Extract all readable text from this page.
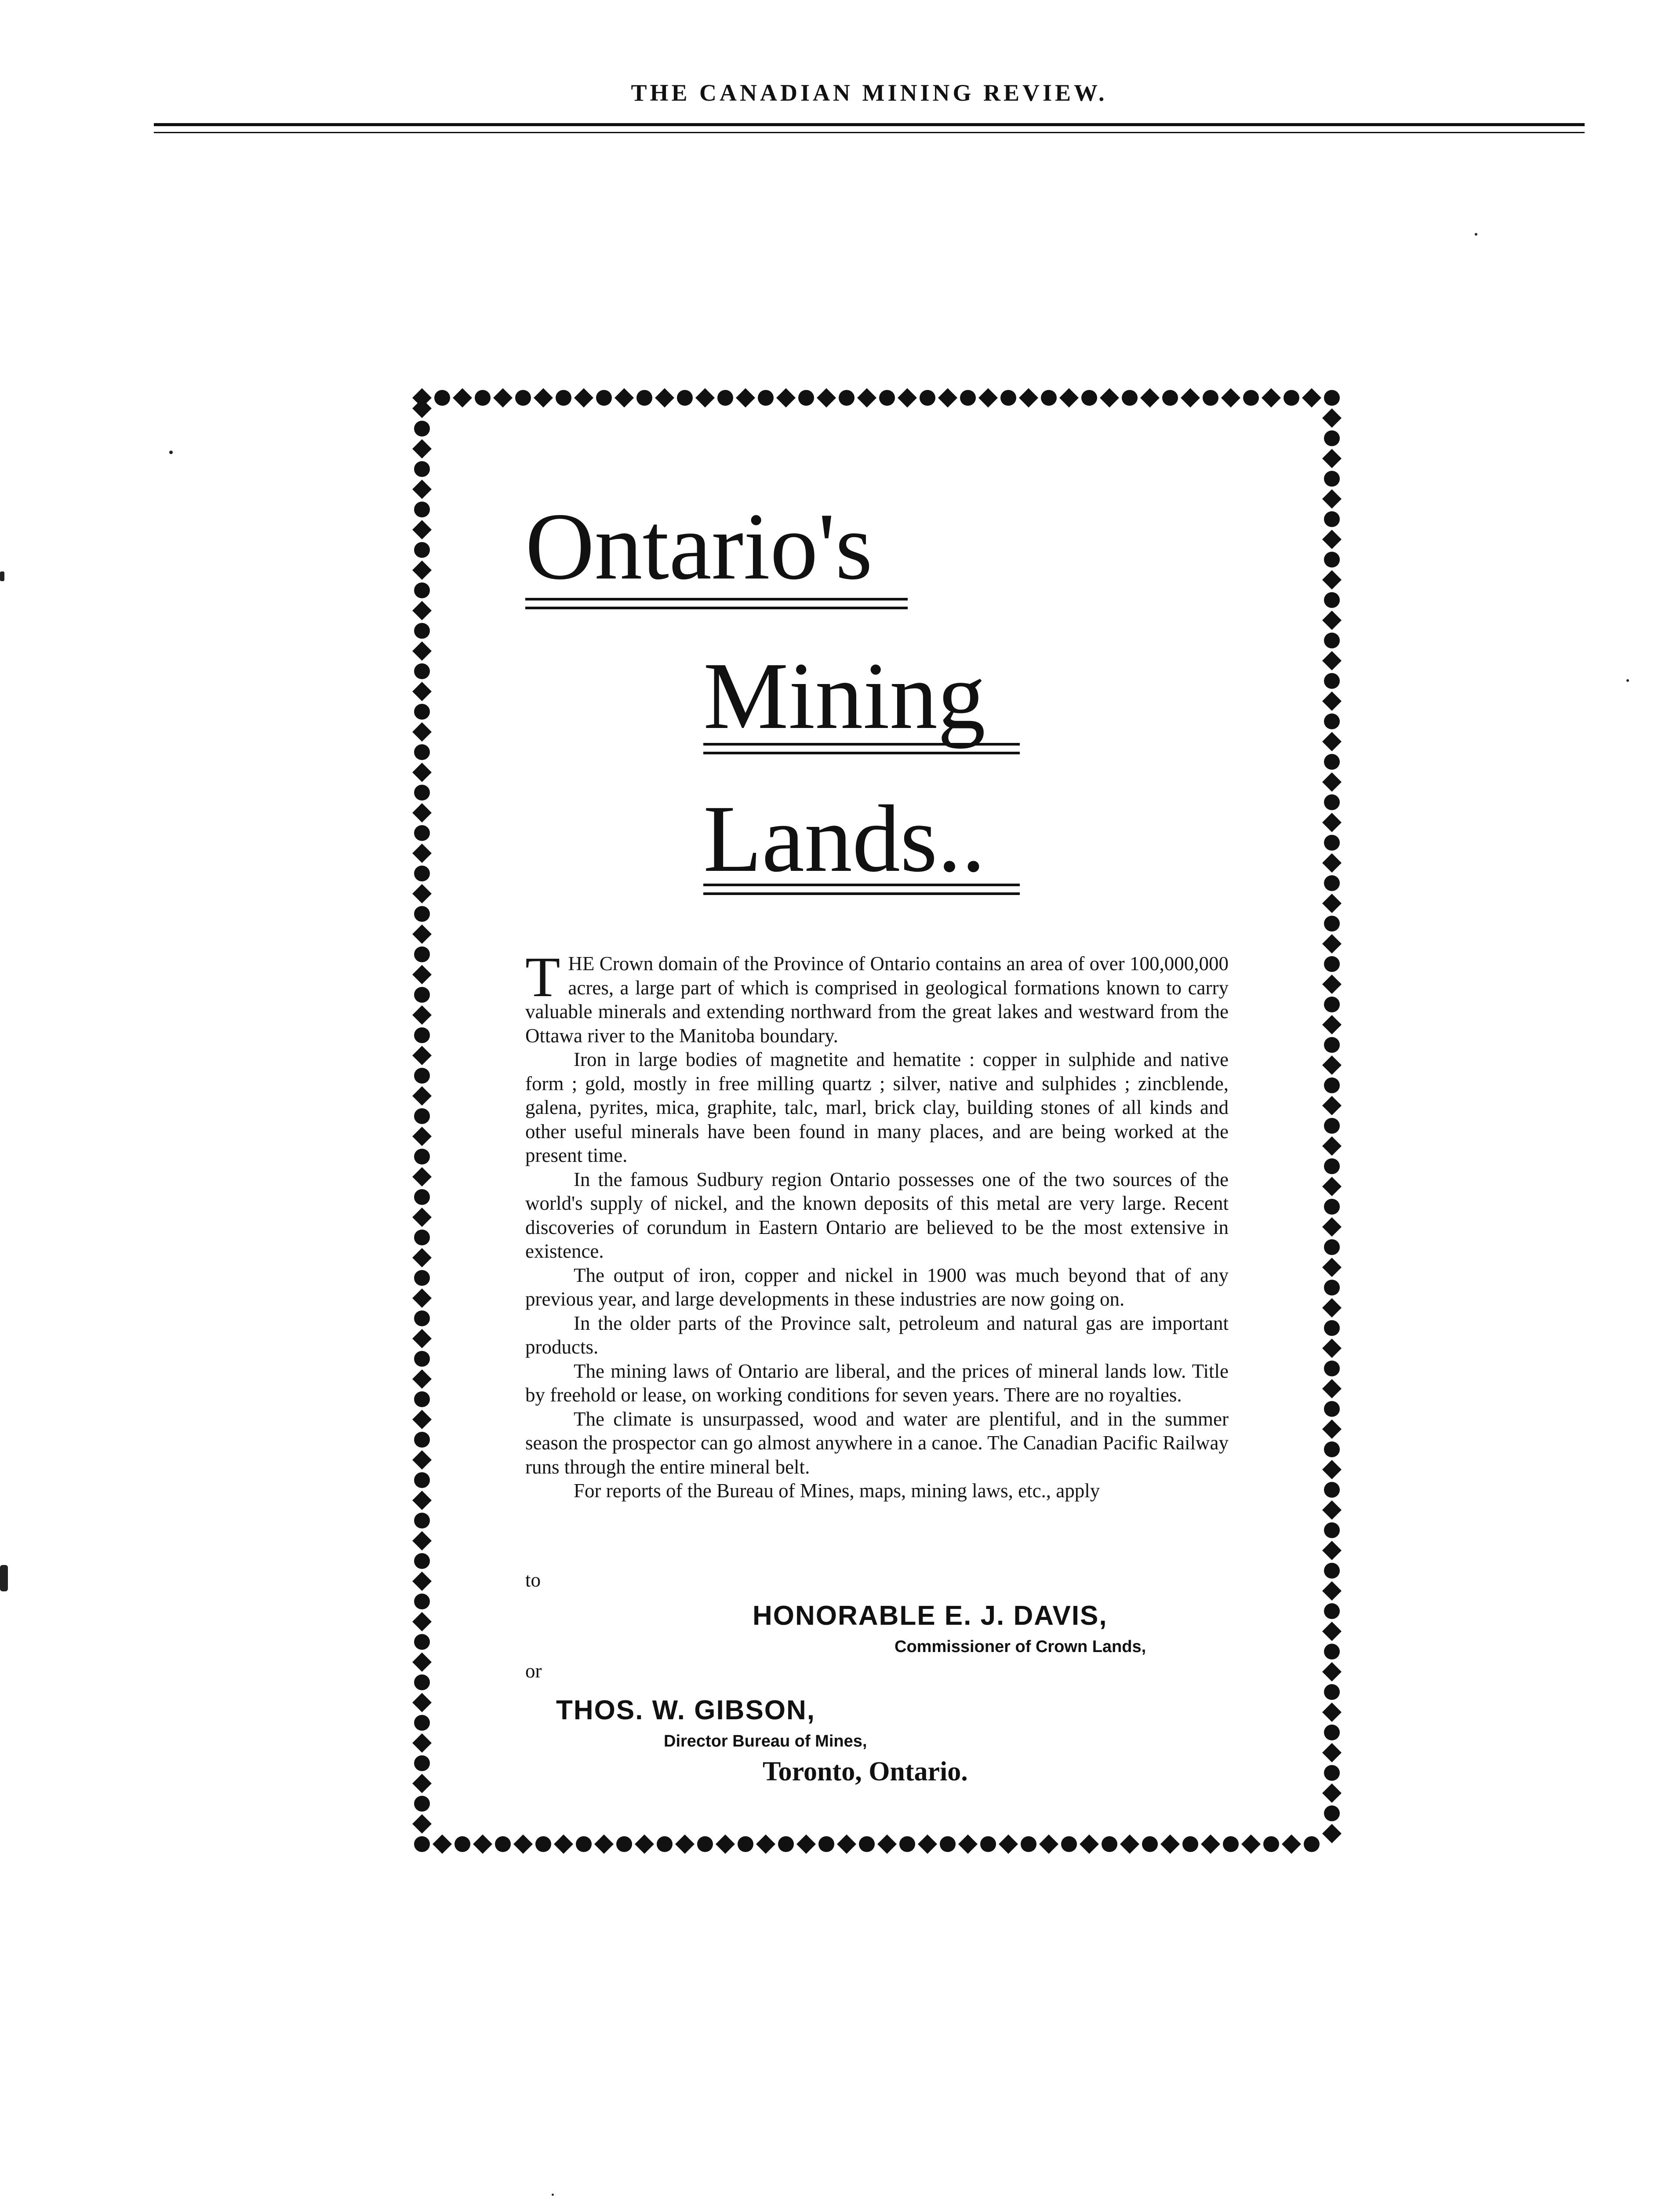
THE CANADIAN MINING REVIEW.
Ontario's
Mining
Lands..

THE Crown domain of the Province of Ontario contains an area of over 100,000,000 acres, a large part of which is comprised in geological formations known to carry valuable minerals and extending northward from the great lakes and westward from the Ottawa river to the Manitoba boundary.

Iron in large bodies of magnetite and hematite : copper in sulphide and native form ; gold, mostly in free milling quartz ; silver, native and sulphides ; zincblende, galena, pyrites, mica, graphite, talc, marl, brick clay, building stones of all kinds and other useful minerals have been found in many places, and are being worked at the present time.

In the famous Sudbury region Ontario possesses one of the two sources of the world's supply of nickel, and the known deposits of this metal are very large. Recent discoveries of corundum in Eastern Ontario are believed to be the most extensive in existence.

The output of iron, copper and nickel in 1900 was much beyond that of any previous year, and large developments in these industries are now going on.

In the older parts of the Province salt, petroleum and natural gas are important products.

The mining laws of Ontario are liberal, and the prices of mineral lands low. Title by freehold or lease, on working conditions for seven years. There are no royalties.

The climate is unsurpassed, wood and water are plentiful, and in the summer season the prospector can go almost anywhere in a canoe. The Canadian Pacific Railway runs through the entire mineral belt.

For reports of the Bureau of Mines, maps, mining laws, etc., apply

to
HONORABLE E. J. DAVIS,
Commissioner of Crown Lands,
or
THOS. W. GIBSON,
Director Bureau of Mines,
Toronto, Ontario.
